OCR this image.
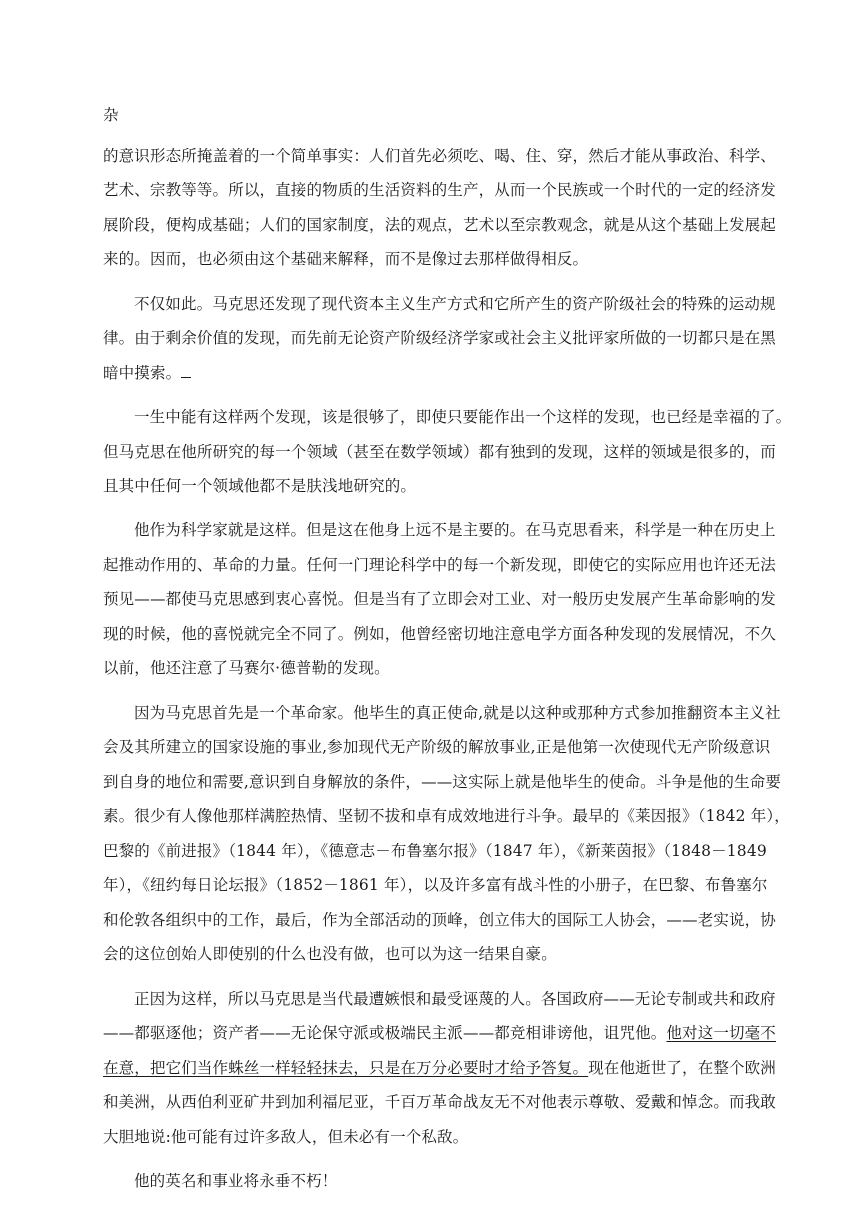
杂
的意识形态所掩盖着的一个简单事实：人们首先必须吃、喝、住、穿，然后才能从事政治、科学、
艺术、宗教等等。所以，直接的物质的生活资料的生产，从而一个民族或一个时代的一定的经济发
展阶段，便构成基础；人们的国家制度，法的观点，艺术以至宗教观念，就是从这个基础上发展起
来的。因而，也必须由这个基础来解释，而不是像过去那样做得相反。
不仅如此。马克思还发现了现代资本主义生产方式和它所产生的资产阶级社会的特殊的运动规
律。由于剩余价值的发现，而先前无论资产阶级经济学家或社会主义批评家所做的一切都只是在黑
暗中摸索。
一生中能有这样两个发现，该是很够了，即使只要能作出一个这样的发现，也已经是幸福的了。
但马克思在他所研究的每一个领域（甚至在数学领域）都有独到的发现，这样的领域是很多的，而
且其中任何一个领域他都不是肤浅地研究的。
他作为科学家就是这样。但是这在他身上远不是主要的。在马克思看来，科学是一种在历史上
起推动作用的、革命的力量。任何一门理论科学中的每一个新发现，即使它的实际应用也许还无法
预见——都使马克思感到衷心喜悦。但是当有了立即会对工业、对一般历史发展产生革命影响的发
现的时候，他的喜悦就完全不同了。例如，他曾经密切地注意电学方面各种发现的发展情况，不久
以前，他还注意了马赛尔·德普勒的发现。
因为马克思首先是一个革命家。他毕生的真正使命,就是以这种或那种方式参加推翻资本主义社
会及其所建立的国家设施的事业,参加现代无产阶级的解放事业,正是他第一次使现代无产阶级意识
到自身的地位和需要,意识到自身解放的条件，——这实际上就是他毕生的使命。斗争是他的生命要
素。很少有人像他那样满腔热情、坚韧不拔和卓有成效地进行斗争。最早的《莱因报》（1842 年），
巴黎的《前进报》（1844 年），《德意志－布鲁塞尔报》（1847 年），《新莱茵报》（1848－1849
年），《纽约每日论坛报》（1852－1861 年），以及许多富有战斗性的小册子，在巴黎、布鲁塞尔
和伦敦各组织中的工作，最后，作为全部活动的顶峰，创立伟大的国际工人协会，——老实说，协
会的这位创始人即使别的什么也没有做，也可以为这一结果自豪。
正因为这样，所以马克思是当代最遭嫉恨和最受诬蔑的人。各国政府——无论专制或共和政府
——都驱逐他；资产者——无论保守派或极端民主派——都竞相诽谤他，诅咒他。他对这一切毫不
在意，把它们当作蛛丝一样轻轻抹去，只是在万分必要时才给予答复。现在他逝世了，在整个欧洲
和美洲，从西伯利亚矿井到加利福尼亚，千百万革命战友无不对他表示尊敬、爱戴和悼念。而我敢
大胆地说:他可能有过许多敌人，但未必有一个私敌。
他的英名和事业将永垂不朽！
